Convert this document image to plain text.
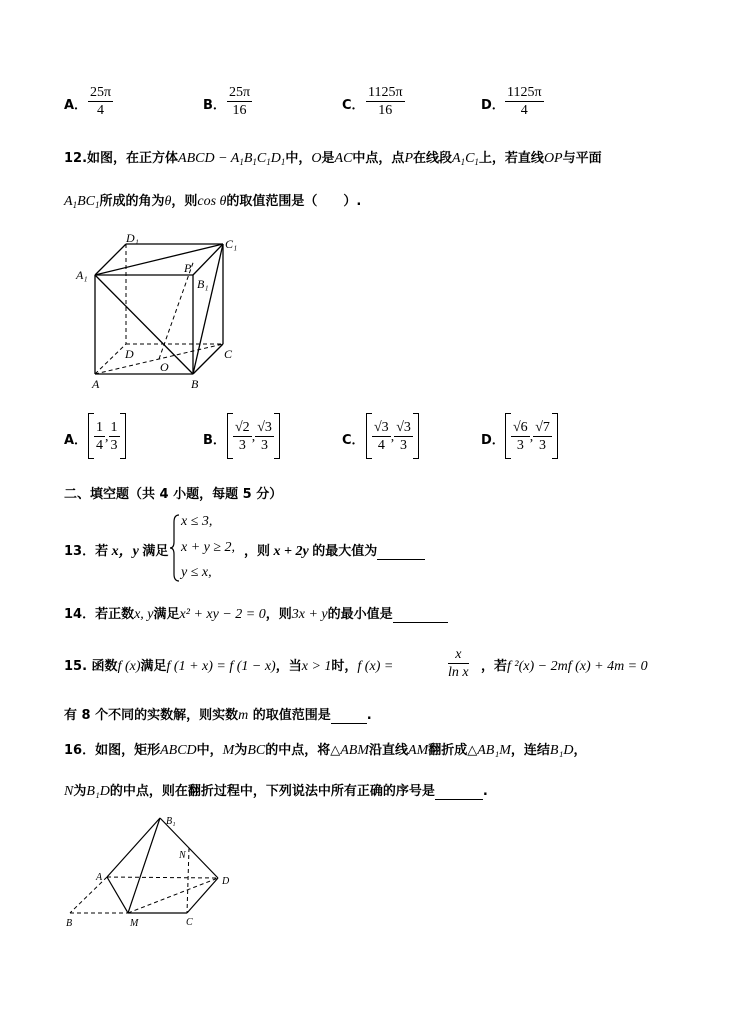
A． $\frac{25\pi}{4}$	B． $\frac{25\pi}{16}$	C． $\frac{1125\pi}{16}$	D． $\frac{1125\pi}{4}$
12.如图，在正方体ABCD − $A_1B_1C_1D_1$中，O是AC中点，点P在线段$A_1C_1$上，若直线OP与平面
$A_1BC_1$所成的角为θ，则cos θ的取值范围是（　　）.
D₁	C₁
A₁	P
B₁
D	C
A
O
B
A． $\frac{1}{4}$ , $\frac{1}{3}$	B． $\frac{√2}{3}$ , $\frac{√3}{3}$	C． $\frac{√3}{4}$ , $\frac{√3}{3}$	D． $\frac{√6}{3}$ , $\frac{√7}{3}$
二、填空题（共 4 小题，每题 5 分）
13．若 x，y 满足
x ≤ 3,
x + y ≥ 2,
y ≤ x,
，则 x + 2y 的最大值为
14．若正数x, y满足x² + xy − 2 = 0，则3x + y的最小值是
15. 函数f (x)满足f (1 + x) = f (1 − x)，当x > 1时，f (x) =	$\frac{x}{\text{ln x}}$ ，若f ²(x) − 2mf (x) + 4m = 0
有 8 个不同的实数解，则实数m 的取值范围是	.
16．如图，矩形ABCD中，M为BC的中点，将△ABM沿直线AM翻折成△AB₁M，连结B₁D，
N为B₁D的中点，则在翻折过程中，下列说法中所有正确的序号是	.
B₁
N
A	D
B	M	C
